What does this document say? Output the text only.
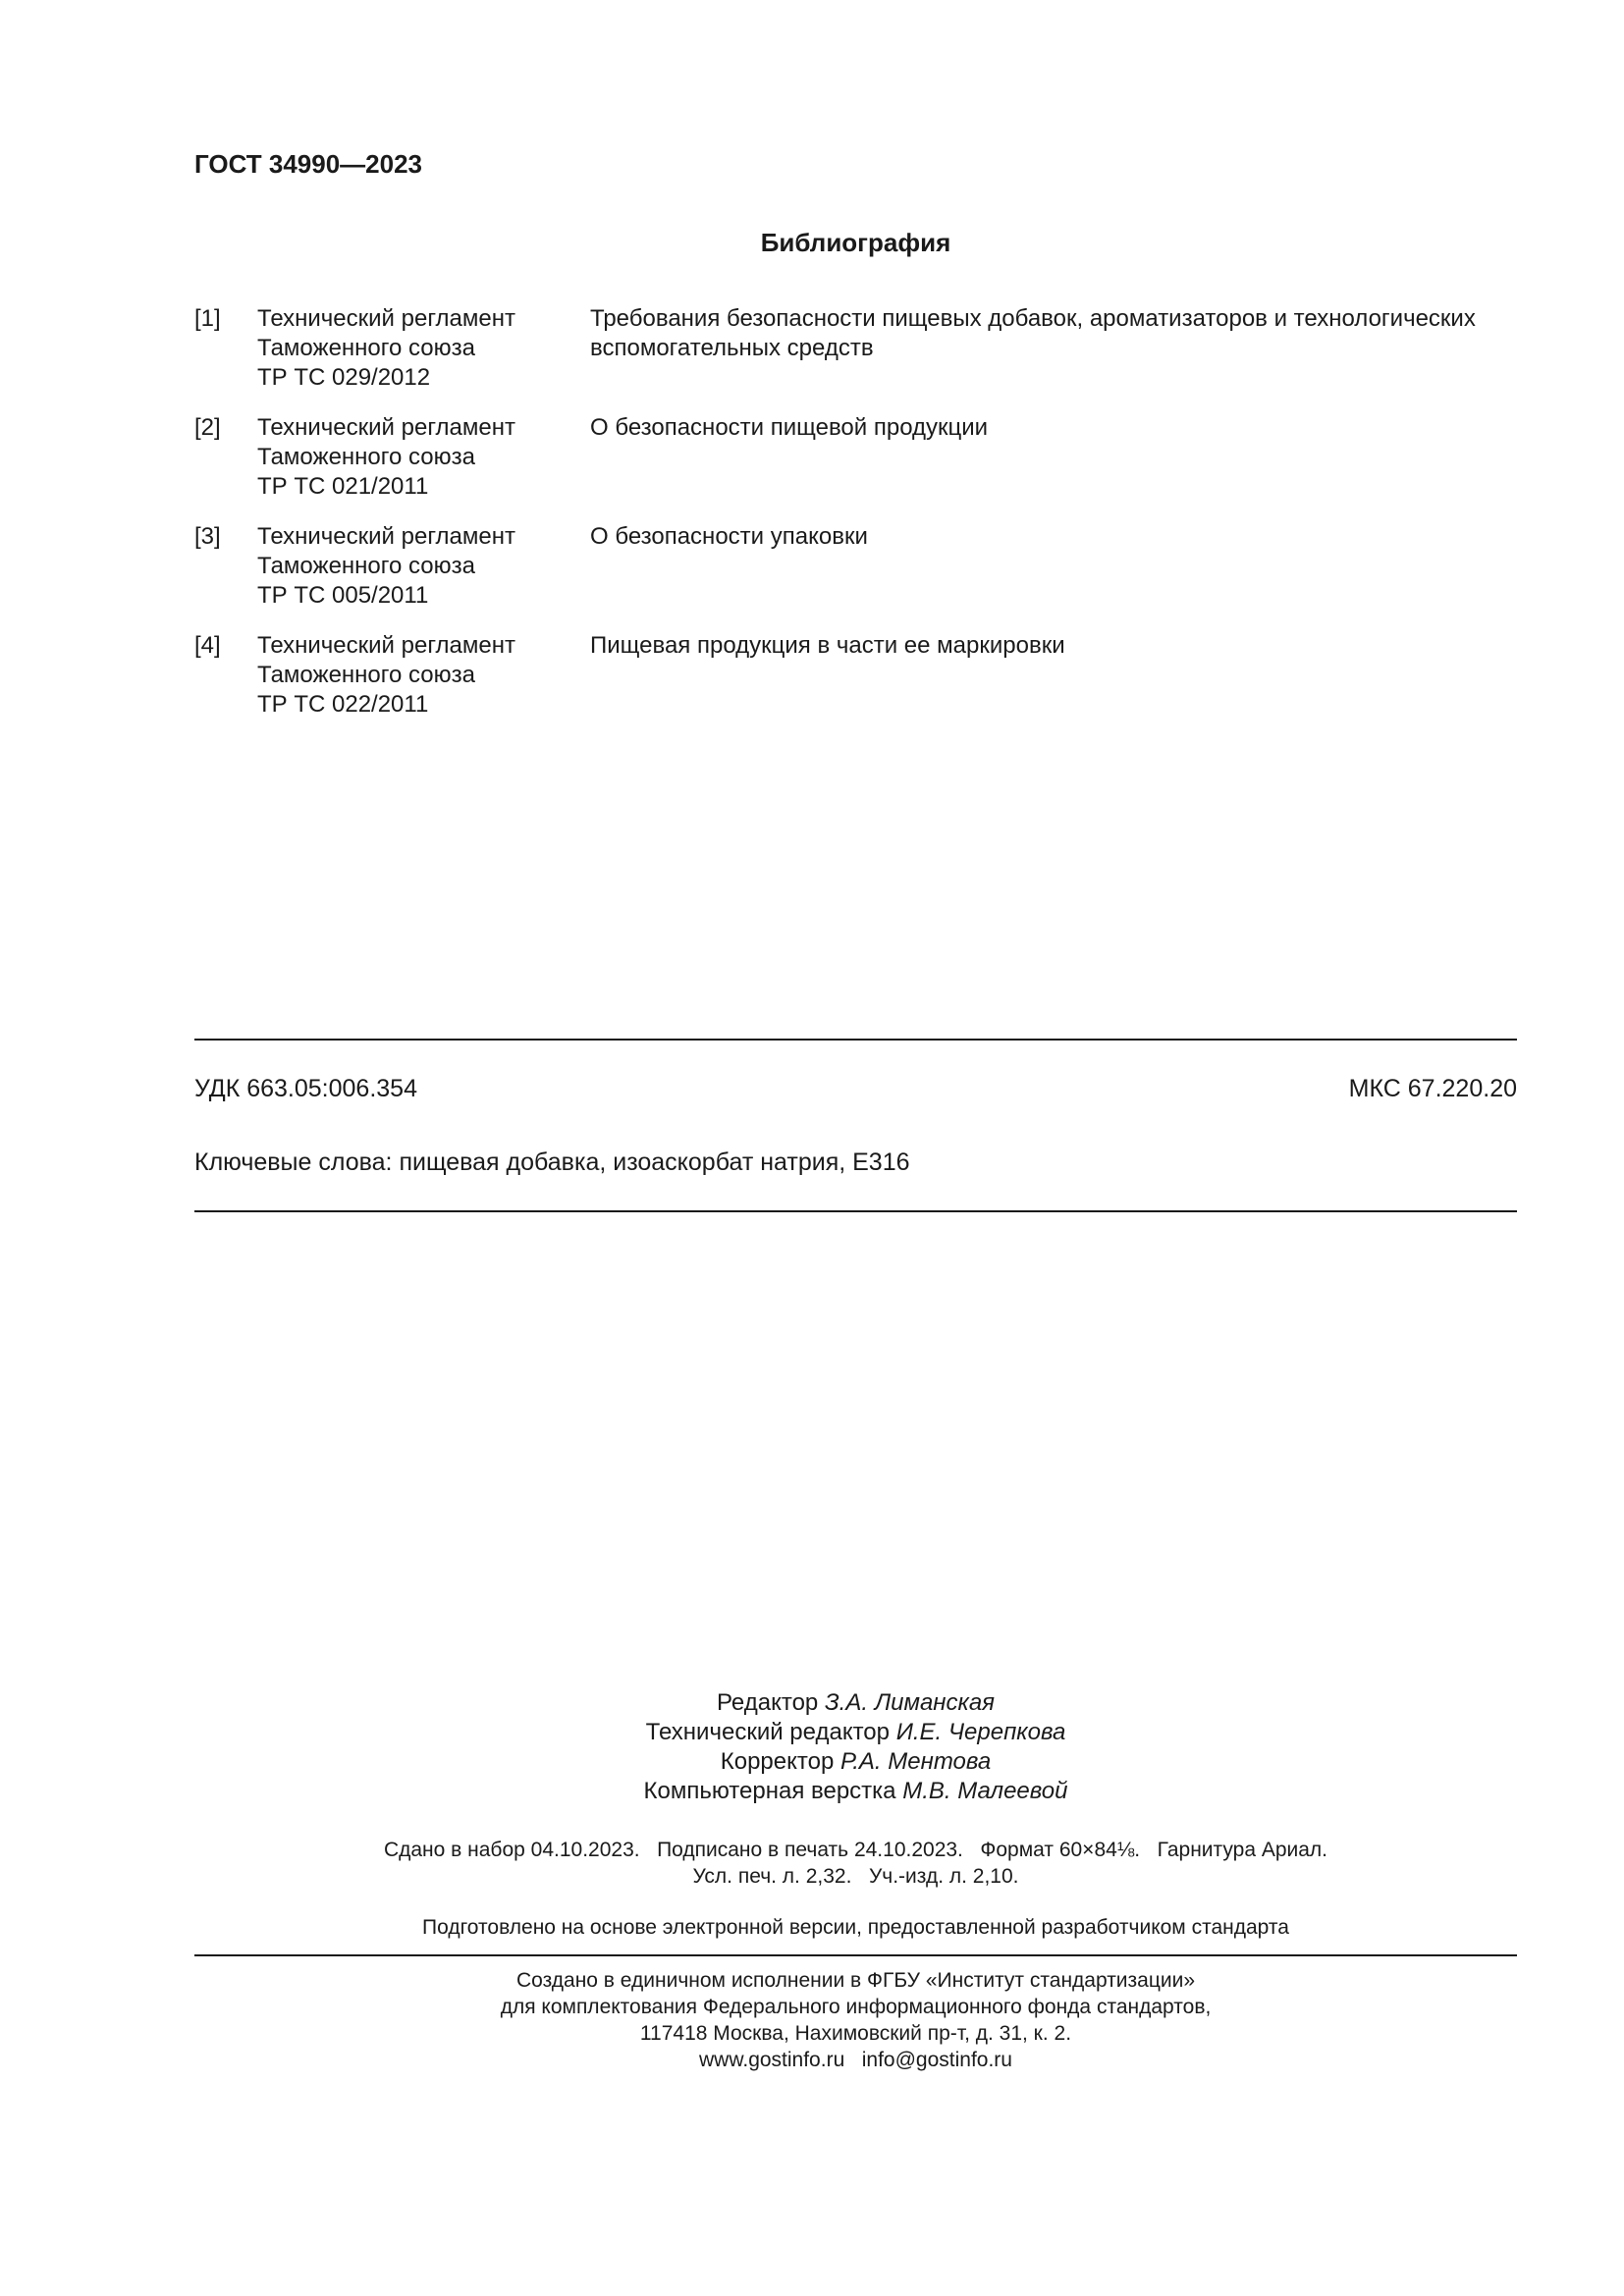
ГОСТ 34990—2023
Библиография
[1] Технический регламент
Таможенного союза
ТР ТС 029/2012
Требования безопасности пищевых добавок, ароматизаторов и технологических вспомогательных средств
[2] Технический регламент
Таможенного союза
ТР ТС 021/2011
О безопасности пищевой продукции
[3] Технический регламент
Таможенного союза
ТР ТС 005/2011
О безопасности упаковки
[4] Технический регламент
Таможенного союза
ТР ТС 022/2011
Пищевая продукция в части ее маркировки
УДК 663.05:006.354	МКС 67.220.20
Ключевые слова: пищевая добавка, изоаскорбат натрия, Е316
Редактор З.А. Лиманская
Технический редактор И.Е. Черепкова
Корректор Р.А. Ментова
Компьютерная верстка М.В. Малеевой
Сдано в набор 04.10.2023.   Подписано в печать 24.10.2023.   Формат 60×84⅛.   Гарнитура Ариал.
Усл. печ. л. 2,32.   Уч.-изд. л. 2,10.
Подготовлено на основе электронной версии, предоставленной разработчиком стандарта
Создано в единичном исполнении в ФГБУ «Институт стандартизации»
для комплектования Федерального информационного фонда стандартов,
117418 Москва, Нахимовский пр-т, д. 31, к. 2.
www.gostinfo.ru   info@gostinfo.ru
